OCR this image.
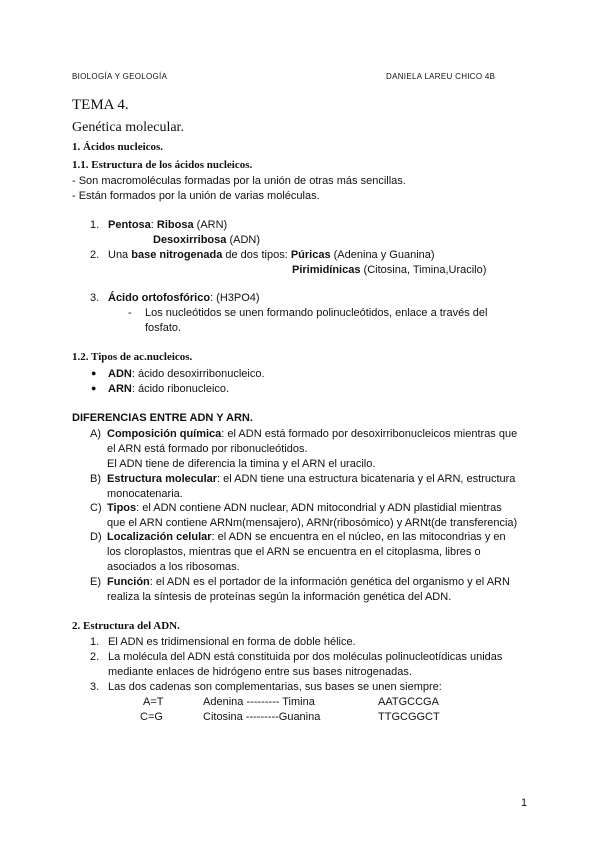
BIOLOGÍA Y GEOLOGÍA	DANIELA LAREU CHICO 4B
TEMA 4.
Genética molecular.
1. Ácidos nucleicos.
1.1. Estructura de los ácidos nucleicos.
- Son macromoléculas formadas por la unión de otras más sencillas.
- Están formados por la unión de varias moléculas.
1. Pentosa: Ribosa (ARN)
Desoxirribosa (ADN)
2. Una base nitrogenada de dos tipos: Púricas (Adenina y Guanina)
Pirimidínicas (Citosina, Timina,Uracilo)
3. Ácido ortofosfórico: (H3PO4)
- Los nucleótidos se unen formando polinucleótidos, enlace a través del
fosfato.
1.2. Tipos de ac.nucleicos.
● ADN: ácido desoxirribonucleico.
● ARN: ácido ribonucleico.
DIFERENCIAS ENTRE ADN Y ARN.
A) Composición química: el ADN está formado por desoxirribonucleicos mientras que
el ARN está formado por ribonucleótidos.
El ADN tiene de diferencia la timina y el ARN el uracilo.
B) Estructura molecular: el ADN tiene una estructura bicatenaria y el ARN, estructura
monocatenaria.
C) Tipos: el ADN contiene ADN nuclear, ADN mitocondrial y ADN plastidial mientras
que el ARN contiene ARNm(mensajero), ARNr(ribosómico) y ARNt(de transferencia)
D) Localización celular: el ADN se encuentra en el núcleo, en las mitocondrias y en
los cloroplastos, mientras que el ARN se encuentra en el citoplasma, libres o
asociados a los ribosomas.
E) Función: el ADN es el portador de la información genética del organismo y el ARN
realiza la síntesis de proteínas según la información genética del ADN.
2. Estructura del ADN.
1. El ADN es tridimensional en forma de doble hélice.
2. La molécula del ADN está constituida por dos moléculas polinucleotídicas unidas
mediante enlaces de hidrógeno entre sus bases nitrogenadas.
3. Las dos cadenas son complementarias, sus bases se unen siempre:
A=T	Adenina --------- Timina	AATGCCGA
C=G	Citosina ---------Guanina	TTGCGGCT
1
